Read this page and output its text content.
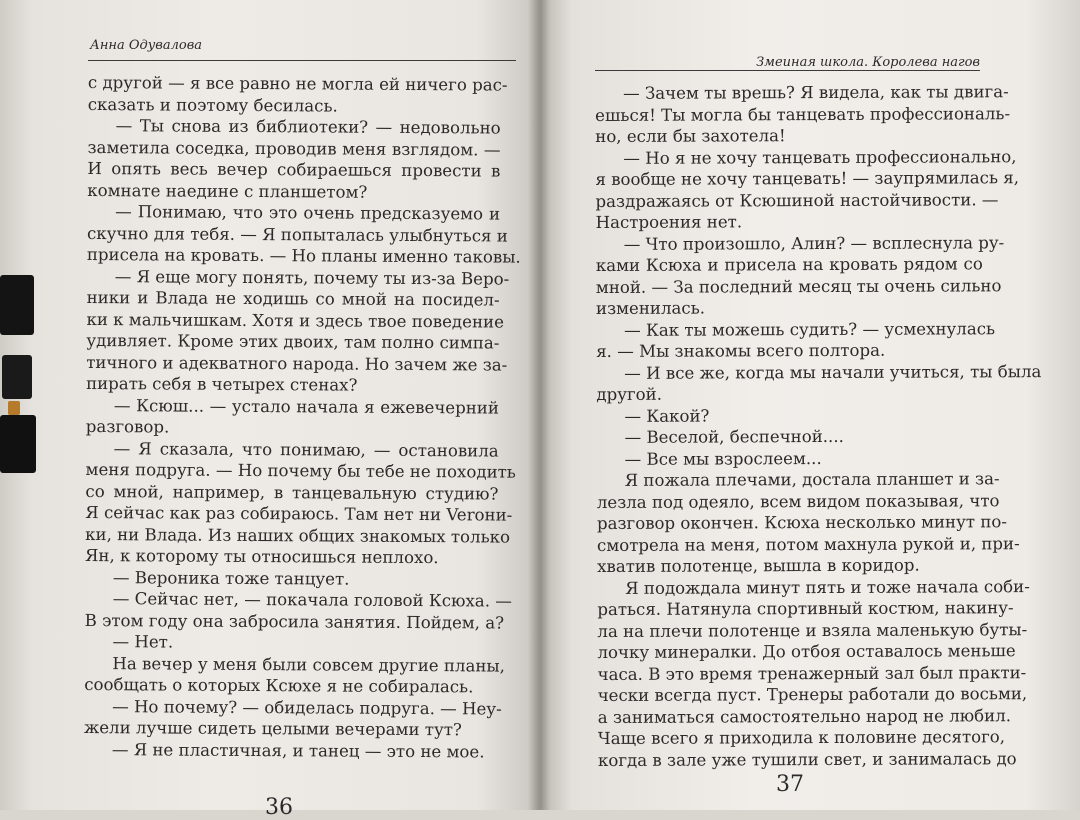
Анна Одувалова
Змеиная школа. Королева нагов
с другой — я все равно не могла ей ничего рас-
сказать и поэтому бесилась.
— Ты снова из библиотеки? — недовольно
заметила соседка, проводив меня взглядом. —
И опять весь вечер собираешься провести в
комнате наедине с планшетом?
— Понимаю, что это очень предсказуемо и
скучно для тебя. — Я попыталась улыбнуться и
присела на кровать. — Но планы именно таковы.
— Я еще могу понять, почему ты из-за Веро-
ники и Влада не ходишь со мной на посидел-
ки к мальчишкам. Хотя и здесь твое поведение
удивляет. Кроме этих двоих, там полно симпа-
тичного и адекватного народа. Но зачем же за-
пирать себя в четырех стенах?
— Ксюш... — устало начала я ежевечерний
разговор.
— Я сказала, что понимаю, — остановила
меня подруга. — Но почему бы тебе не походить
со мной, например, в танцевальную студию?
Я сейчас как раз собираюсь. Там нет ни Verони-
ки, ни Влада. Из наших общих знакомых только
Ян, к которому ты относишься неплохо.
— Вероника тоже танцует.
— Сейчас нет, — покачала головой Ксюха. —
В этом году она забросила занятия. Пойдем, а?
— Нет.
На вечер у меня были совсем другие планы,
сообщать о которых Ксюхе я не собиралась.
— Но почему? — обиделась подруга. — Неу-
жели лучше сидеть целыми вечерами тут?
— Я не пластичная, и танец — это не мое.
— Зачем ты врешь? Я видела, как ты двига-
ешься! Ты могла бы танцевать профессиональ-
но, если бы захотела!
— Но я не хочу танцевать профессионально,
я вообще не хочу танцевать! — заупрямилась я,
раздражаясь от Ксюшиной настойчивости. —
Настроения нет.
— Что произошло, Алин? — всплеснула ру-
ками Ксюха и присела на кровать рядом со
мной. — За последний месяц ты очень сильно
изменилась.
— Как ты можешь судить? — усмехнулась
я. — Мы знакомы всего полтора.
— И все же, когда мы начали учиться, ты была
другой.
— Какой?
— Веселой, беспечной....
— Все мы взрослеем...
Я пожала плечами, достала планшет и за-
лезла под одеяло, всем видом показывая, что
разговор окончен. Ксюха несколько минут по-
смотрела на меня, потом махнула рукой и, при-
хватив полотенце, вышла в коридор.
Я подождала минут пять и тоже начала соби-
раться. Натянула спортивный костюм, накину-
ла на плечи полотенце и взяла маленькую буты-
лочку минералки. До отбоя оставалось меньше
часа. В это время тренажерный зал был практи-
чески всегда пуст. Тренеры работали до восьми,
а заниматься самостоятельно народ не любил.
Чаще всего я приходила к половине десятого,
когда в зале уже тушили свет, и занималась до
36
37
